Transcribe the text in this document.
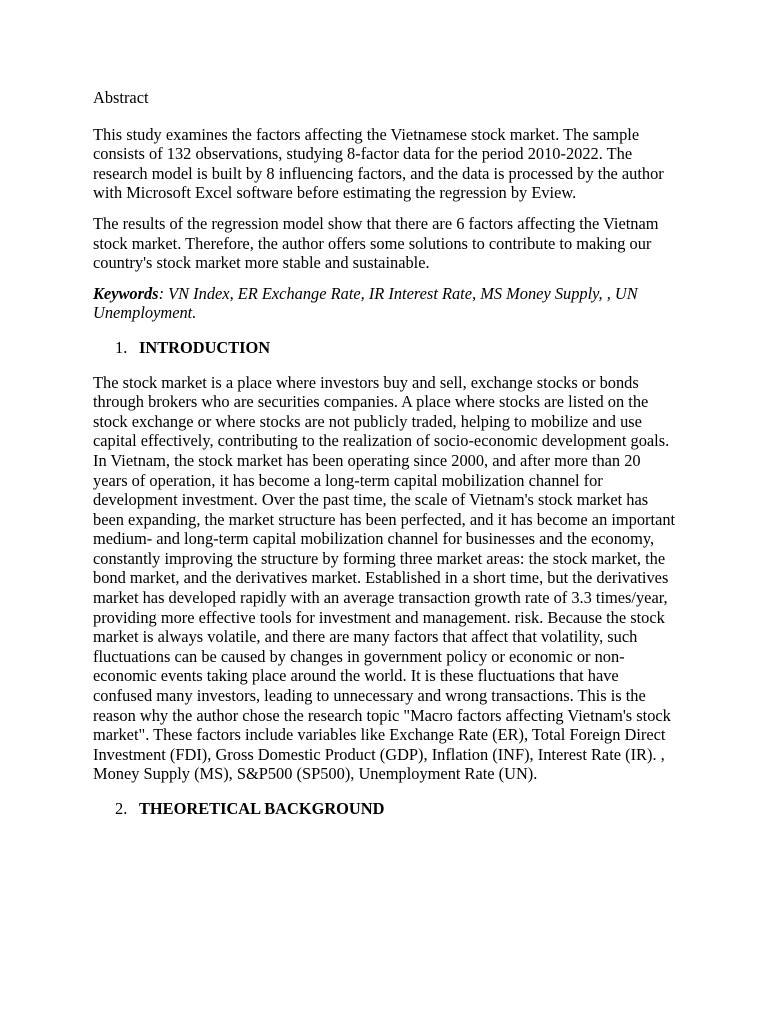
Abstract

This study examines the factors affecting the Vietnamese stock market. The sample consists of 132 observations, studying 8-factor data for the period 2010-2022. The research model is built by 8 influencing factors, and the data is processed by the author with Microsoft Excel software before estimating the regression by Eview.

The results of the regression model show that there are 6 factors affecting the Vietnam stock market. Therefore, the author offers some solutions to contribute to making our country's stock market more stable and sustainable.

Keywords: VN Index, ER Exchange Rate, IR Interest Rate, MS Money Supply, , UN Unemployment.

1. INTRODUCTION

The stock market is a place where investors buy and sell, exchange stocks or bonds through brokers who are securities companies. A place where stocks are listed on the stock exchange or where stocks are not publicly traded, helping to mobilize and use capital effectively, contributing to the realization of socio-economic development goals. In Vietnam, the stock market has been operating since 2000, and after more than 20 years of operation, it has become a long-term capital mobilization channel for development investment. Over the past time, the scale of Vietnam's stock market has been expanding, the market structure has been perfected, and it has become an important medium- and long-term capital mobilization channel for businesses and the economy, constantly improving the structure by forming three market areas: the stock market, the bond market, and the derivatives market. Established in a short time, but the derivatives market has developed rapidly with an average transaction growth rate of 3.3 times/year, providing more effective tools for investment and management. risk. Because the stock market is always volatile, and there are many factors that affect that volatility, such fluctuations can be caused by changes in government policy or economic or non-economic events taking place around the world. It is these fluctuations that have confused many investors, leading to unnecessary and wrong transactions. This is the reason why the author chose the research topic "Macro factors affecting Vietnam's stock market". These factors include variables like Exchange Rate (ER), Total Foreign Direct Investment (FDI), Gross Domestic Product (GDP), Inflation (INF), Interest Rate (IR). , Money Supply (MS), S&P500 (SP500), Unemployment Rate (UN).

2. THEORETICAL BACKGROUND
